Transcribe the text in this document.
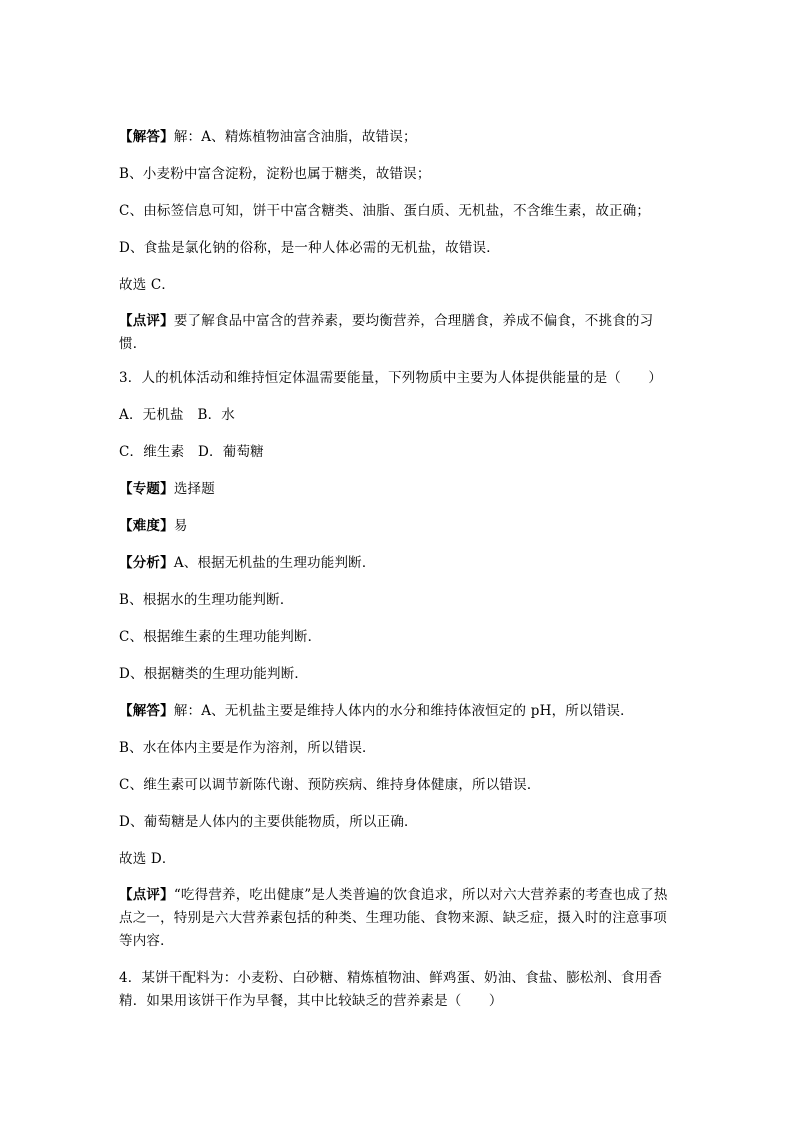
【解答】解：A、精炼植物油富含油脂，故错误；
B、小麦粉中富含淀粉，淀粉也属于糖类，故错误；
C、由标签信息可知，饼干中富含糖类、油脂、蛋白质、无机盐，不含维生素，故正确；
D、食盐是氯化钠的俗称，是一种人体必需的无机盐，故错误．
故选 C．
【点评】要了解食品中富含的营养素，要均衡营养，合理膳食，养成不偏食，不挑食的习惯．
3．人的机体活动和维持恒定体温需要能量，下列物质中主要为人体提供能量的是（　　）
A．无机盐　B．水
C．维生素　D．葡萄糖
【专题】选择题
【难度】易
【分析】A、根据无机盐的生理功能判断．
B、根据水的生理功能判断．
C、根据维生素的生理功能判断．
D、根据糖类的生理功能判断．
【解答】解：A、无机盐主要是维持人体内的水分和维持体液恒定的 pH，所以错误．
B、水在体内主要是作为溶剂，所以错误．
C、维生素可以调节新陈代谢、预防疾病、维持身体健康，所以错误．
D、葡萄糖是人体内的主要供能物质，所以正确．
故选 D．
【点评】“吃得营养，吃出健康”是人类普遍的饮食追求，所以对六大营养素的考查也成了热点之一，特别是六大营养素包括的种类、生理功能、食物来源、缺乏症，摄入时的注意事项等内容．
4．某饼干配料为：小麦粉、白砂糖、精炼植物油、鲜鸡蛋、奶油、食盐、膨松剂、食用香精．如果用该饼干作为早餐，其中比较缺乏的营养素是（　　）
